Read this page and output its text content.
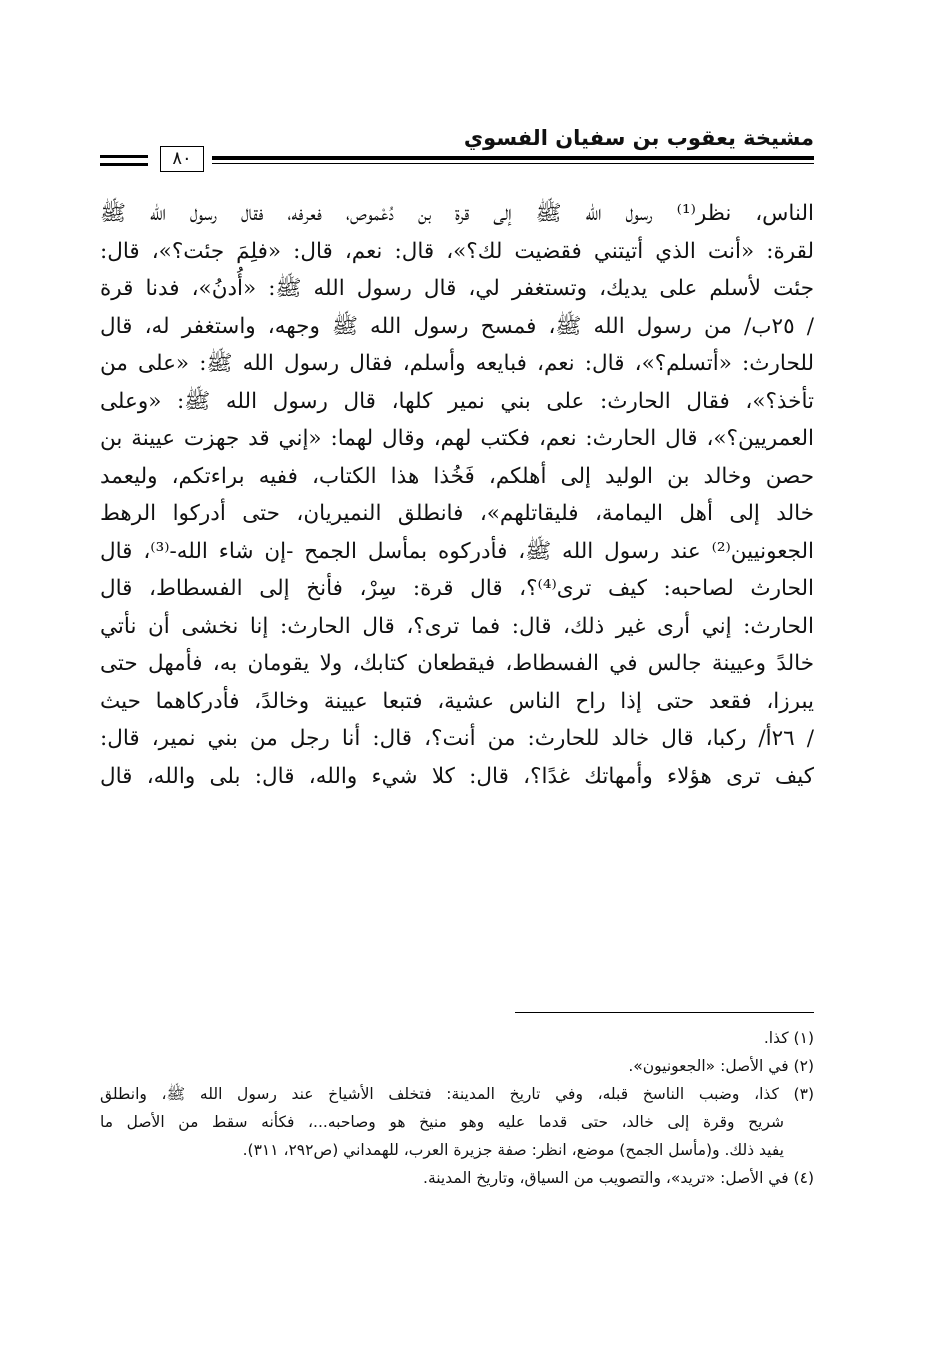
مشيخة يعقوب بن سفيان الفسوي
٨٠
الناس، نظر⁽¹⁾ رسول الله ﷺ إلى قرة بن دُعْموص، فعرفه، فقال رسول الله ﷺ
لقرة: «أنت الذي أتيتني فقضيت لك؟»، قال: نعم، قال: «فلِمَ جئت؟»، قال:
جئت لأسلم على يديك، وتستغفر لي، قال رسول الله ﷺ: «أُدنُ»، فدنا قرة
/ ٢٥ب/ من رسول الله ﷺ، فمسح رسول الله ﷺ وجهه، واستغفر له، قال
للحارث: «أتسلم؟»، قال: نعم، فبايعه وأسلم، فقال رسول الله ﷺ: «على من
تأخذ؟»، فقال الحارث: على بني نمير كلها، قال رسول الله ﷺ: «وعلى
العمريين؟»، قال الحارث: نعم، فكتب لهم، وقال لهما: «إني قد جهزت عيينة بن
حصن وخالد بن الوليد إلى أهلكم، فَخُذا هذا الكتاب، ففيه براءتكم، وليعمد
خالد إلى أهل اليمامة، فليقاتلهم»، فانطلق النميريان، حتى أدركوا الرهط
الجعونيين⁽²⁾ عند رسول الله ﷺ، فأدركوه بمأسل الجمح -إن شاء الله-⁽³⁾، قال
الحارث لصاحبه: كيف ترى⁽⁴⁾؟، قال قرة: سِرْ، فأنخ إلى الفسطاط، قال
الحارث: إني أرى غير ذلك، قال: فما ترى؟، قال الحارث: إنا نخشى أن نأتي
خالدً وعيينة جالس في الفسطاط، فيقطعان كتابك، ولا يقومان به، فأمهل حتى
يبرزا، فقعد حتى إذا راح الناس عشية، فتبعا عيينة وخالدً، فأدركاهما حيث
/ ٢٦أ/ ركبا، قال خالد للحارث: من أنت؟، قال: أنا رجل من بني نمير، قال:
كيف ترى هؤلاء وأمهاتك غدًا؟، قال: كلا شيء والله، قال: بلى والله، قال
(١) كذا.
(٢) في الأصل: «الجعونيون».
(٣) كذا، وضبب الناسخ قبله، وفي تاريخ المدينة: فتخلف الأشياخ عند رسول الله ﷺ، وانطلق
شريح وقرة إلى خالد، حتى قدما عليه وهو منيخ هو وصاحبه...، فكأنه سقط من الأصل ما
يفيد ذلك. و(مأسل الجمح) موضع، انظر: صفة جزيرة العرب، للهمداني (ص٢٩٢، ٣١١).
(٤) في الأصل: «تريد»، والتصويب من السياق، وتاريخ المدينة.
